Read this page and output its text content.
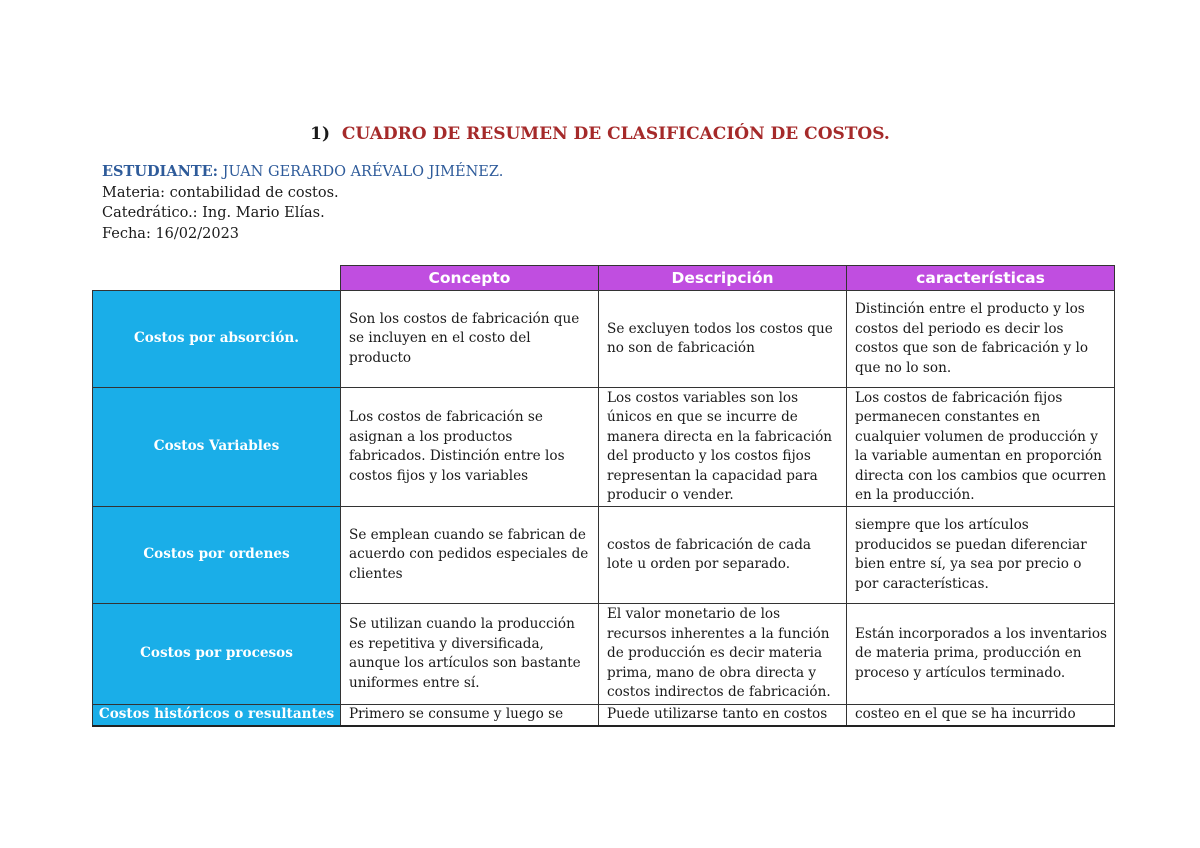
1) CUADRO DE RESUMEN DE CLASIFICACIÓN DE COSTOS.
ESTUDIANTE: JUAN GERARDO ARÉVALO JIMÉNEZ.
Materia: contabilidad de costos.
Catedrático.: Ing. Mario Elías.
Fecha: 16/02/2023
	Concepto	Descripción	características
Costos por absorción.	Son los costos de fabricación que se incluyen en el costo del producto	Se excluyen todos los costos que no son de fabricación	Distinción entre el producto y los costos del periodo es decir los costos que son de fabricación y lo que no lo son.
Costos Variables	Los costos de fabricación se asignan a los productos fabricados. Distinción entre los costos fijos y los variables	Los costos variables son los únicos en que se incurre de manera directa en la fabricación del producto y los costos fijos representan la capacidad para producir o vender.	Los costos de fabricación fijos permanecen constantes en cualquier volumen de producción y la variable aumentan en proporción directa con los cambios que ocurren en la producción.
Costos por ordenes	Se emplean cuando se fabrican de acuerdo con pedidos especiales de clientes	costos de fabricación de cada lote u orden por separado.	siempre que los artículos producidos se puedan diferenciar bien entre sí, ya sea por precio o por características.
Costos por procesos	Se utilizan cuando la producción es repetitiva y diversificada, aunque los artículos son bastante uniformes entre sí.	El valor monetario de los recursos inherentes a la función de producción es decir materia prima, mano de obra directa y costos indirectos de fabricación.	Están incorporados a los inventarios de materia prima, producción en proceso y artículos terminado.
Costos históricos o resultantes	Primero se consume y luego se	Puede utilizarse tanto en costos	costeo en el que se ha incurrido
